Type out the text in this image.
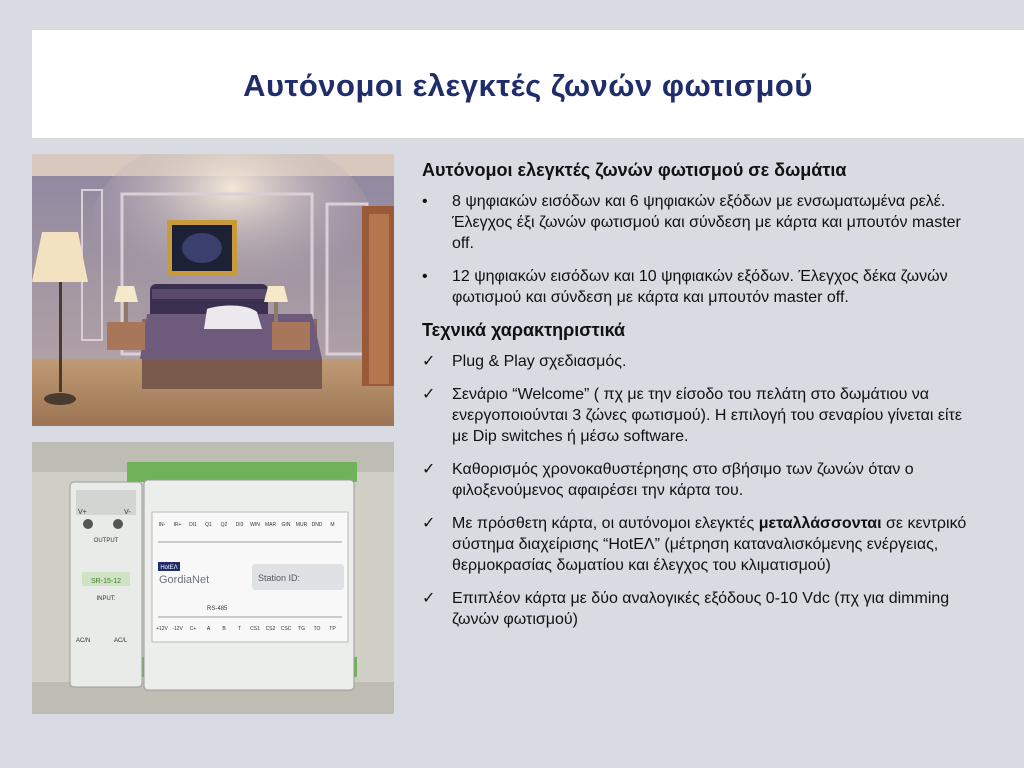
Αυτόνομοι ελεγκτές ζωνών φωτισμού
SR-15-12
OUTPUT
INPUT:
V+	V-
AC/N	AC/L
IN- IR+ DI1 Q1 Q2 DI3 WIN MAR GIN MUR DND M
+12V -12V C+ A B T CS1 CS2 CSC TG TO TP
HotEΛ
GordiaNet	Station ID:
RS-485
Αυτόνομοι ελεγκτές ζωνών φωτισμού σε δωμάτια
•	8 ψηφιακών εισόδων και 6 ψηφιακών εξόδων με ενσωματωμένα ρελέ. Έλεγχος έξι ζωνών φωτισμού και σύνδεση με κάρτα και μπουτόν master off.
•	12 ψηφιακών εισόδων και 10 ψηφιακών εξόδων. Έλεγχος δέκα ζωνών φωτισμού και σύνδεση με κάρτα και μπουτόν master off.
Τεχνικά χαρακτηριστικά
✓	Plug & Play σχεδιασμός.
✓	Σενάριο “Welcome” ( πχ με την είσοδο του πελάτη στο δωμάτιου να ενεργοποιούνται 3 ζώνες φωτισμού). Η επιλογή του σεναρίου γίνεται είτε με Dip switches ή μέσω software.
✓	Καθορισμός χρονοκαθυστέρησης στο σβήσιμο των ζωνών όταν ο φιλοξενούμενος αφαιρέσει την κάρτα του.
✓	Με πρόσθετη κάρτα, οι αυτόνομοι ελεγκτές μεταλλάσσονται σε κεντρικό σύστημα διαχείρισης “HotΕΛ” (μέτρηση καταναλισκόμενης ενέργειας, θερμοκρασίας δωματίου και έλεγχος του κλιματισμού)
✓	Επιπλέον κάρτα με δύο αναλογικές εξόδους 0-10 Vdc (πχ για dimming ζωνών φωτισμού)
